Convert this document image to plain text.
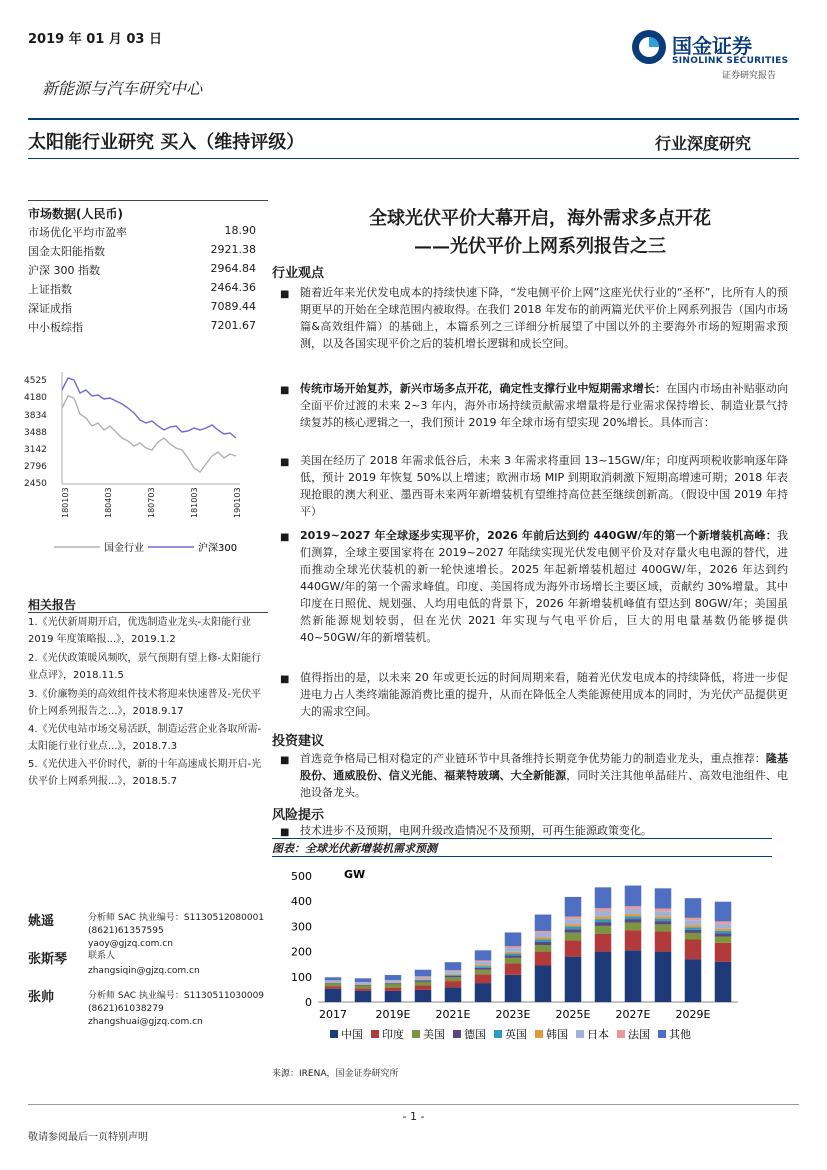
2019 年 01 月 03 日
新能源与汽车研究中心
国金证券
SINOLINK SECURITIES
证券研究报告
太阳能行业研究 买入（维持评级）	行业深度研究
市场数据(人民币)
市场优化平均市盈率	18.90
国金太阳能指数	2921.38
沪深 300 指数	2964.84
上证指数	2464.36
深证成指	7089.44
中小板综指	7201.67
4525
4180
3834
3488
3142
2796
2450
180103	180403	180703	181003	190103
国金行业	沪深300
相关报告
1.《光伏新周期开启，优选制造业龙头-太阳能行业 2019 年度策略报...》，2019.1.2
2.《光伏政策暖风频吹，景气预期有望上修-太阳能行业点评》，2018.11.5
3.《价廉物美的高效组件技术将迎来快速普及-光伏平价上网系列报告之...》，2018.9.17
4.《光伏电站市场交易活跃，制造运营企业各取所需-太阳能行业行业点...》，2018.7.3
5.《光伏进入平价时代，新的十年高速成长期开启-光伏平价上网系列报...》，2018.5.7
姚遥	分析师 SAC 执业编号：S1130512080001
(8621)61357595
yaoy@gjzq.com.cn
张斯琴 联系人
zhangsiqin@gjzq.com.cn
张帅	分析师 SAC 执业编号：S1130511030009
(8621)61038279
zhangshuai@gjzq.com.cn
全球光伏平价大幕开启，海外需求多点开花
——光伏平价上网系列报告之三
行业观点
■ 随着近年来光伏发电成本的持续快速下降，“发电侧平价上网”这座光伏行业的“圣杯”，比所有人的预期更早的开始在全球范围内被取得。在我们 2018 年发布的前两篇光伏平价上网系列报告（国内市场篇&高效组件篇）的基础上，本篇系列之三详细分析展望了中国以外的主要海外市场的短期需求预测，以及各国实现平价之后的装机增长逻辑和成长空间。
■ 传统市场开始复苏，新兴市场多点开花，确定性支撑行业中短期需求增长：在国内市场由补贴驱动向全面平价过渡的未来 2~3 年内，海外市场持续贡献需求增量将是行业需求保持增长、制造业景气持续复苏的核心逻辑之一，我们预计 2019 年全球市场有望实现 20%增长。具体而言：
■ 美国在经历了 2018 年需求低谷后，未来 3 年需求将重回 13~15GW/年；印度两项税收影响逐年降低，预计 2019 年恢复 50%以上增速；欧洲市场 MIP 到期取消刺激下短期高增速可期；2018 年表现抢眼的澳大利亚、墨西哥未来两年新增装机有望维持高位甚至继续创新高。（假设中国 2019 年持平）
■ 2019~2027 年全球逐步实现平价，2026 年前后达到约 440GW/年的第一个新增装机高峰：我们测算，全球主要国家将在 2019~2027 年陆续实现光伏发电侧平价及对存量火电电源的替代，进而推动全球光伏装机的新一轮快速增长。2025 年起新增装机超过 400GW/年，2026 年达到约 440GW/年的第一个需求峰值。印度、美国将成为海外市场增长主要区域，贡献约 30%增量。其中印度在日照优、规划强、人均用电低的背景下，2026 年新增装机峰值有望达到 80GW/年；美国虽然新能源规划较弱，但在光伏 2021 年实现与气电平价后，巨大的用电量基数仍能够提供 40~50GW/年的新增装机。
■ 值得指出的是，以未来 20 年或更长远的时间周期来看，随着光伏发电成本的持续降低，将进一步促进电力占人类终端能源消费比重的提升，从而在降低全人类能源使用成本的同时，为光伏产品提供更大的需求空间。
投资建议
■ 首选竞争格局已相对稳定的产业链环节中具备维持长期竞争优势能力的制造业龙头，重点推荐：隆基股份、通威股份、信义光能、福莱特玻璃、大全新能源，同时关注其他单晶硅片、高效电池组件、电池设备龙头。
风险提示
■ 技术进步不及预期，电网升级改造情况不及预期，可再生能源政策变化。
图表：全球光伏新增装机需求预测
0
100
200
300
400
500	GW
2017	2019E 2021E 2023E 2025E 2027E 2029E
中国 印度 美国 德国 英国 韩国 日本 法国 其他
来源：IRENA，国金证券研究所
- 1 -
敬请参阅最后一页特别声明
